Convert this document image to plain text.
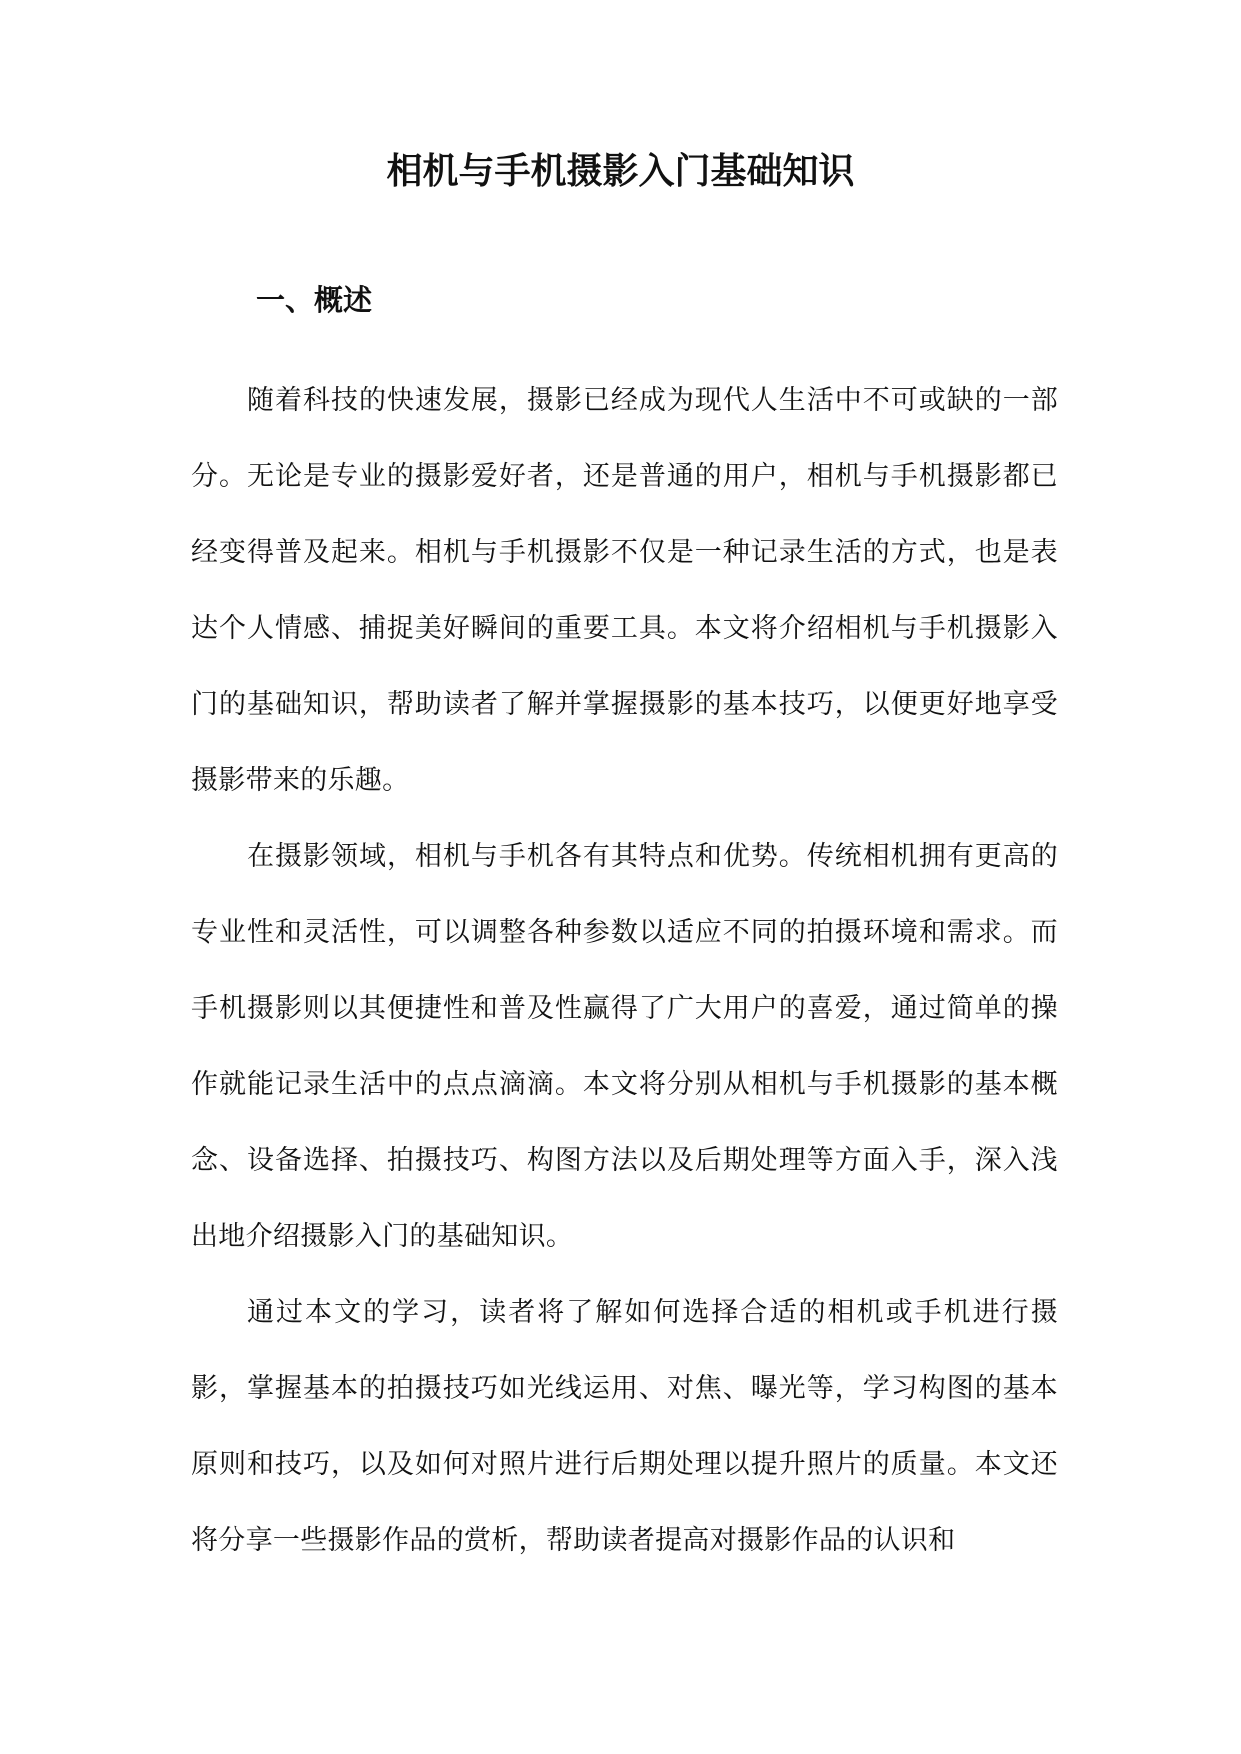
相机与手机摄影入门基础知识
一、概述

随着科技的快速发展，摄影已经成为现代人生活中不可或缺的一部分。无论是专业的摄影爱好者，还是普通的用户，相机与手机摄影都已经变得普及起来。相机与手机摄影不仅是一种记录生活的方式，也是表达个人情感、捕捉美好瞬间的重要工具。本文将介绍相机与手机摄影入门的基础知识，帮助读者了解并掌握摄影的基本技巧，以便更好地享受摄影带来的乐趣。

在摄影领域，相机与手机各有其特点和优势。传统相机拥有更高的专业性和灵活性，可以调整各种参数以适应不同的拍摄环境和需求。而手机摄影则以其便捷性和普及性赢得了广大用户的喜爱，通过简单的操作就能记录生活中的点点滴滴。本文将分别从相机与手机摄影的基本概念、设备选择、拍摄技巧、构图方法以及后期处理等方面入手，深入浅出地介绍摄影入门的基础知识。

通过本文的学习，读者将了解如何选择合适的相机或手机进行摄影，掌握基本的拍摄技巧如光线运用、对焦、曝光等，学习构图的基本原则和技巧，以及如何对照片进行后期处理以提升照片的质量。本文还将分享一些摄影作品的赏析，帮助读者提高对摄影作品的认识和
